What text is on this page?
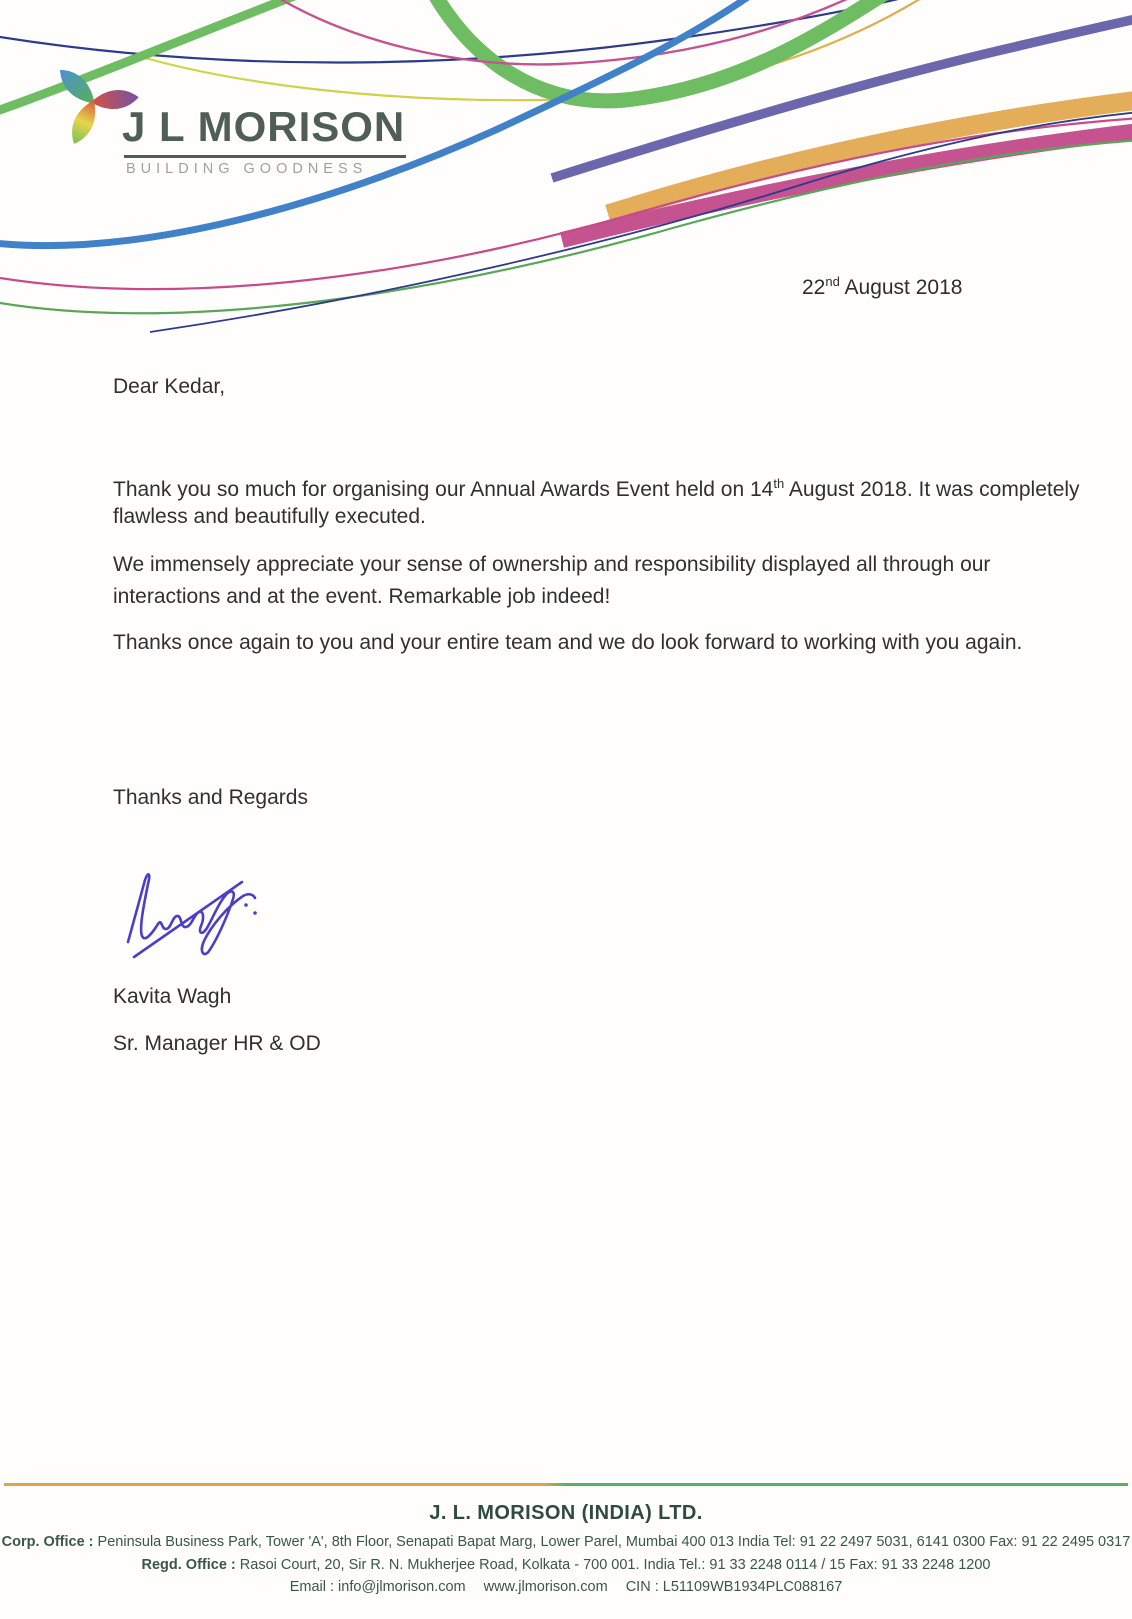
J L MORISON
BUILDING GOODNESS
22nd August 2018
Dear Kedar,
Thank you so much for organising our Annual Awards Event held on 14th August 2018. It was completely
flawless and beautifully executed.
We immensely appreciate your sense of ownership and responsibility displayed all through our
interactions and at the event. Remarkable job indeed!
Thanks once again to you and your entire team and we do look forward to working with you again.
Thanks and Regards
Kavita Wagh
Sr. Manager HR & OD
J. L. MORISON (INDIA) LTD.
Corp. Office : Peninsula Business Park, Tower 'A', 8th Floor, Senapati Bapat Marg, Lower Parel, Mumbai 400 013 India Tel: 91 22 2497 5031, 6141 0300 Fax: 91 22 2495 0317
Regd. Office : Rasoi Court, 20, Sir R. N. Mukherjee Road, Kolkata - 700 001. India Tel.: 91 33 2248 0114 / 15 Fax: 91 33 2248 1200
Email : info@jlmorison.com www.jlmorison.com CIN : L51109WB1934PLC088167
